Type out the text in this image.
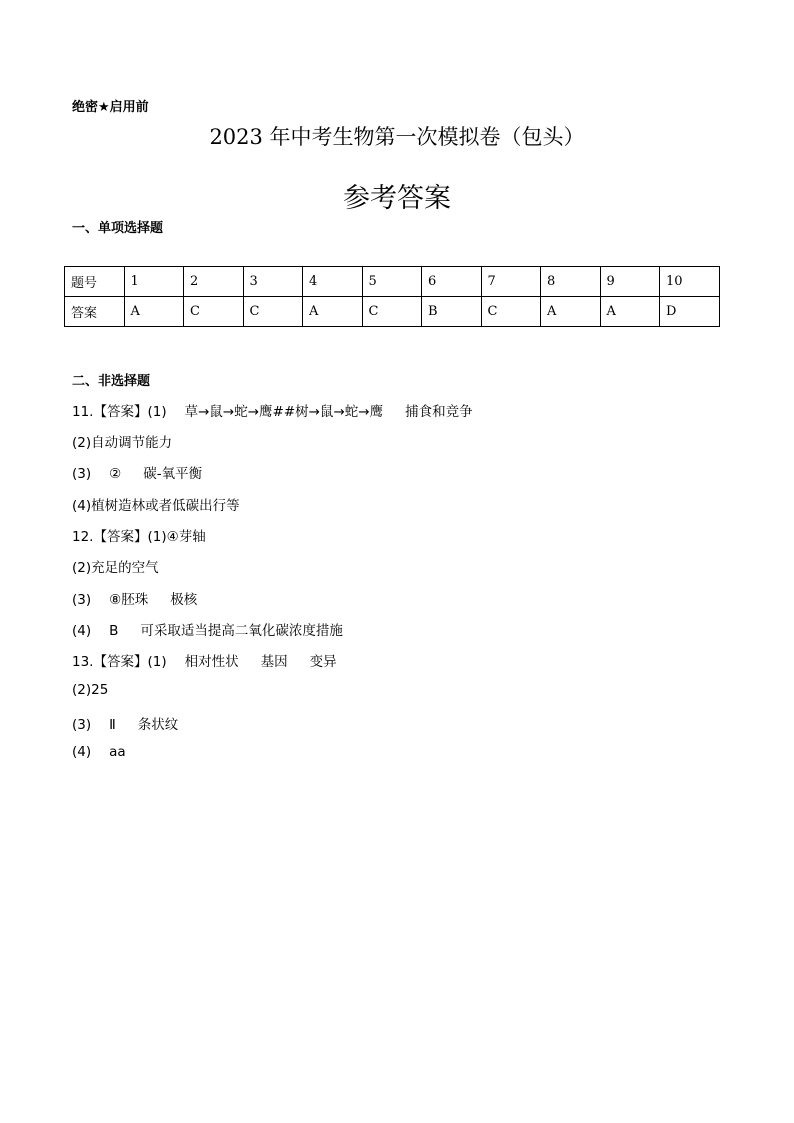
绝密★启用前
2023 年中考生物第一次模拟卷（包头）
参考答案
一、单项选择题
题号	1	2	3	4	5	6	7	8	9	10
答案	A	C	C	A	C	B	C	A	A	D
二、非选择题
11.【答案】(1) 草→鼠→蛇→鹰##树→鼠→蛇→鹰 捕食和竞争
(2)自动调节能力
(3) ② 碳-氧平衡
(4)植树造林或者低碳出行等
12.【答案】(1)④芽轴
(2)充足的空气
(3) ⑧胚珠 极核
(4) B 可采取适当提高二氧化碳浓度措施
13.【答案】(1) 相对性状 基因 变异
(2)25
(3) Ⅱ 条状纹
(4) aa
